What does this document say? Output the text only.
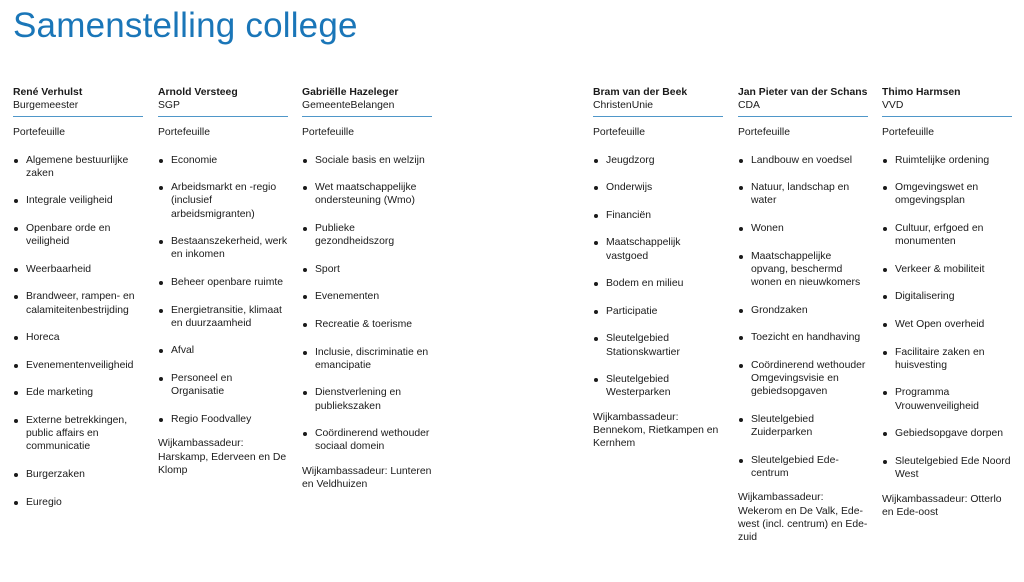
Samenstelling college
René Verhulst
Burgemeester
Portefeuille
Algemene bestuurlijke zaken
Integrale veiligheid
Openbare orde en veiligheid
Weerbaarheid
Brandweer, rampen- en calamiteitenbestrijding
Horeca
Evenementenveiligheid
Ede marketing
Externe betrekkingen, public affairs en communicatie
Burgerzaken
Euregio
Arnold Versteeg
SGP
Portefeuille
Economie
Arbeidsmarkt en -regio (inclusief arbeidsmigranten)
Bestaanszekerheid, werk en inkomen
Beheer openbare ruimte
Energietransitie, klimaat en duurzaamheid
Afval
Personeel en Organisatie
Regio Foodvalley
Wijkambassadeur: Harskamp, Ederveen en De Klomp
Gabriëlle Hazeleger
GemeenteBelangen
Portefeuille
Sociale basis en welzijn
Wet maatschappelijke ondersteuning (Wmo)
Publieke gezondheidszorg
Sport
Evenementen
Recreatie & toerisme
Inclusie, discriminatie en emancipatie
Dienstverlening en publiekszaken
Coördinerend wethouder sociaal domein
Wijkambassadeur: Lunteren en Veldhuizen
Bram van der Beek
ChristenUnie
Portefeuille
Jeugdzorg
Onderwijs
Financiën
Maatschappelijk vastgoed
Bodem en milieu
Participatie
Sleutelgebied Stationskwartier
Sleutelgebied Westerparken
Wijkambassadeur: Bennekom, Rietkampen en Kernhem
Jan Pieter van der Schans
CDA
Portefeuille
Landbouw en voedsel
Natuur, landschap en water
Wonen
Maatschappelijke opvang, beschermd wonen en nieuwkomers
Grondzaken
Toezicht en handhaving
Coördinerend wethouder Omgevingsvisie en gebiedsopgaven
Sleutelgebied Zuiderparken
Sleutelgebied Ede-centrum
Wijkambassadeur: Wekerom en De Valk, Ede-west (incl. centrum) en Ede-zuid
Thimo Harmsen
VVD
Portefeuille
Ruimtelijke ordening
Omgevingswet en omgevingsplan
Cultuur, erfgoed en monumenten
Verkeer & mobiliteit
Digitalisering
Wet Open overheid
Facilitaire zaken en huisvesting
Programma Vrouwenveiligheid
Gebiedsopgave dorpen
Sleutelgebied Ede Noord West
Wijkambassadeur: Otterlo en Ede-oost
